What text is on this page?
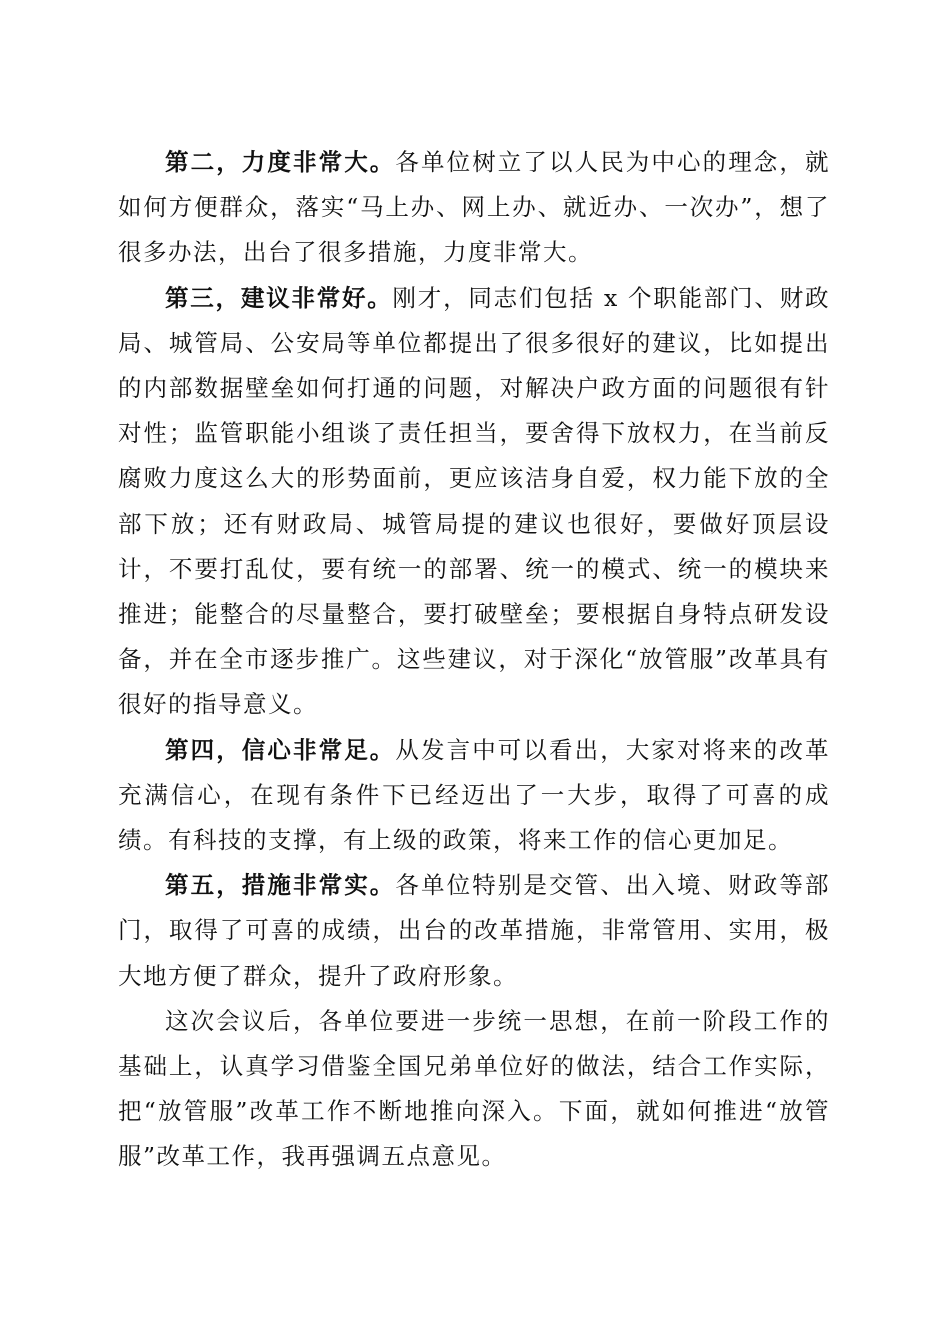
第二，力度非常大。各单位树立了以人民为中心的理念，就如何方便群众，落实“马上办、网上办、就近办、一次办”，想了很多办法，出台了很多措施，力度非常大。

第三，建议非常好。刚才，同志们包括 x 个职能部门、财政局、城管局、公安局等单位都提出了很多很好的建议，比如提出的内部数据壁垒如何打通的问题，对解决户政方面的问题很有针对性；监管职能小组谈了责任担当，要舍得下放权力，在当前反腐败力度这么大的形势面前，更应该洁身自爱，权力能下放的全部下放；还有财政局、城管局提的建议也很好，要做好顶层设计，不要打乱仗，要有统一的部署、统一的模式、统一的模块来推进；能整合的尽量整合，要打破壁垒；要根据自身特点研发设备，并在全市逐步推广。这些建议，对于深化“放管服”改革具有很好的指导意义。

第四，信心非常足。从发言中可以看出，大家对将来的改革充满信心，在现有条件下已经迈出了一大步，取得了可喜的成绩。有科技的支撑，有上级的政策，将来工作的信心更加足。

第五，措施非常实。各单位特别是交管、出入境、财政等部门，取得了可喜的成绩，出台的改革措施，非常管用、实用，极大地方便了群众，提升了政府形象。

这次会议后，各单位要进一步统一思想，在前一阶段工作的基础上，认真学习借鉴全国兄弟单位好的做法，结合工作实际，把“放管服”改革工作不断地推向深入。下面，就如何推进“放管服”改革工作，我再强调五点意见。
